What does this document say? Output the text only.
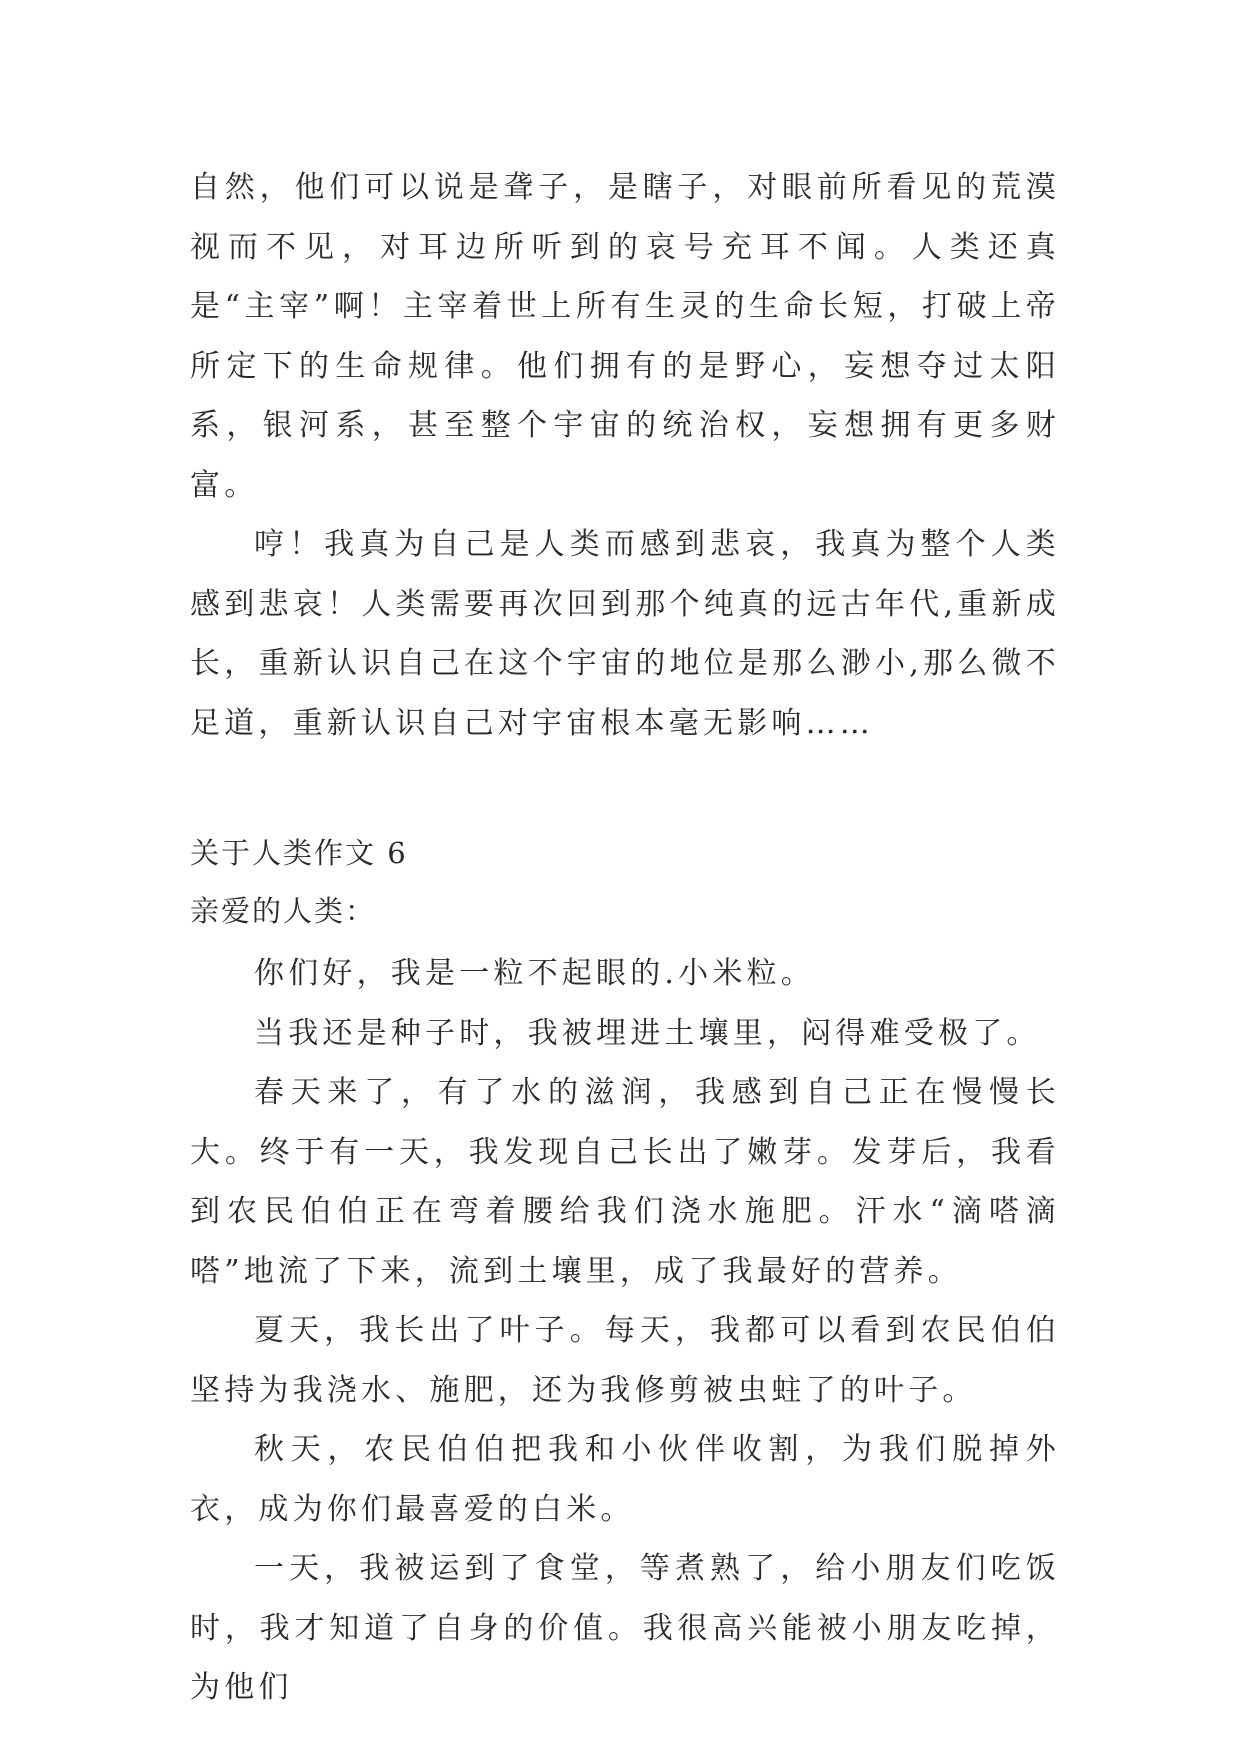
自然，他们可以说是聋子，是瞎子，对眼前所看见的荒漠视而不见，对耳边所听到的哀号充耳不闻。人类还真是“主宰”啊！主宰着世上所有生灵的生命长短，打破上帝所定下的生命规律。他们拥有的是野心，妄想夺过太阳系，银河系，甚至整个宇宙的统治权，妄想拥有更多财富。

哼！我真为自己是人类而感到悲哀，我真为整个人类感到悲哀！人类需要再次回到那个纯真的远古年代,重新成长，重新认识自己在这个宇宙的地位是那么渺小,那么微不足道，重新认识自己对宇宙根本毫无影响……

关于人类作文 6

亲爱的人类：

你们好，我是一粒不起眼的.小米粒。

当我还是种子时，我被埋进土壤里，闷得难受极了。

春天来了，有了水的滋润，我感到自己正在慢慢长大。终于有一天，我发现自己长出了嫩芽。发芽后，我看到农民伯伯正在弯着腰给我们浇水施肥。汗水“滴嗒滴嗒”地流了下来，流到土壤里，成了我最好的营养。

夏天，我长出了叶子。每天，我都可以看到农民伯伯坚持为我浇水、施肥，还为我修剪被虫蛀了的叶子。

秋天，农民伯伯把我和小伙伴收割，为我们脱掉外衣，成为你们最喜爱的白米。

一天，我被运到了食堂，等煮熟了，给小朋友们吃饭时，我才知道了自身的价值。我很高兴能被小朋友吃掉，为他们
